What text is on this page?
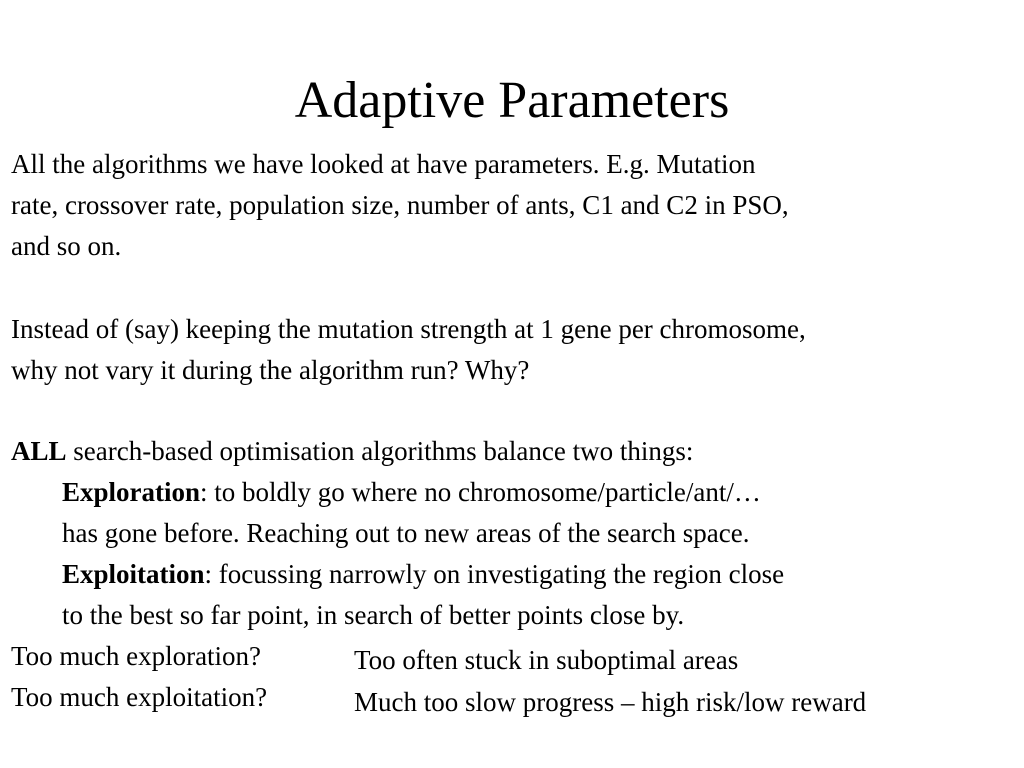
Adaptive Parameters
All the algorithms we have looked at have parameters. E.g. Mutation
rate, crossover rate, population size, number of ants, C1 and C2 in PSO,
and so on.
Instead of (say) keeping the mutation strength at 1 gene per chromosome,
why not vary it during the algorithm run? Why?
ALL search-based optimisation algorithms balance two things:
Exploration: to boldly go where no chromosome/particle/ant/…
has gone before. Reaching out to new areas of the search space.
Exploitation: focussing narrowly on investigating the region close
to the best so far point, in search of better points close by.
Too much exploration?	Too often stuck in suboptimal areas
Too much exploitation?	Much too slow progress – high risk/low reward
